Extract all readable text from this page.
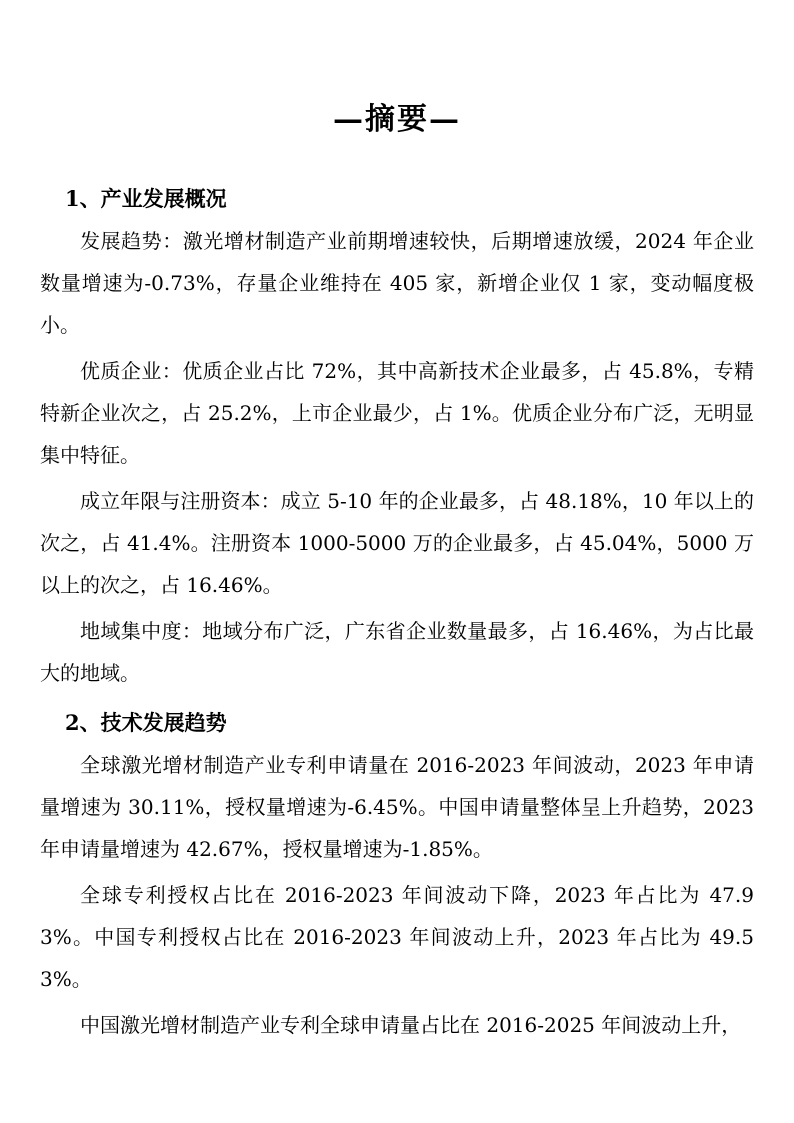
—摘要—
1、产业发展概况

发展趋势：激光增材制造产业前期增速较快，后期增速放缓，2024 年企业数量增速为-0.73%，存量企业维持在 405 家，新增企业仅 1 家，变动幅度极小。

优质企业：优质企业占比 72%，其中高新技术企业最多，占 45.8%，专精特新企业次之，占 25.2%，上市企业最少，占 1%。优质企业分布广泛，无明显集中特征。

成立年限与注册资本：成立 5-10 年的企业最多，占 48.18%，10 年以上的次之，占 41.4%。注册资本 1000-5000 万的企业最多，占 45.04%，5000 万以上的次之，占 16.46%。

地域集中度：地域分布广泛，广东省企业数量最多，占 16.46%，为占比最大的地域。

2、技术发展趋势

全球激光增材制造产业专利申请量在 2016-2023 年间波动，2023 年申请量增速为 30.11%，授权量增速为-6.45%。中国申请量整体呈上升趋势，2023 年申请量增速为 42.67%，授权量增速为-1.85%。

全球专利授权占比在 2016-2023 年间波动下降，2023 年占比为 47.93%。中国专利授权占比在 2016-2023 年间波动上升，2023 年占比为 49.53%。

中国激光增材制造产业专利全球申请量占比在 2016-2025 年间波动上升，
